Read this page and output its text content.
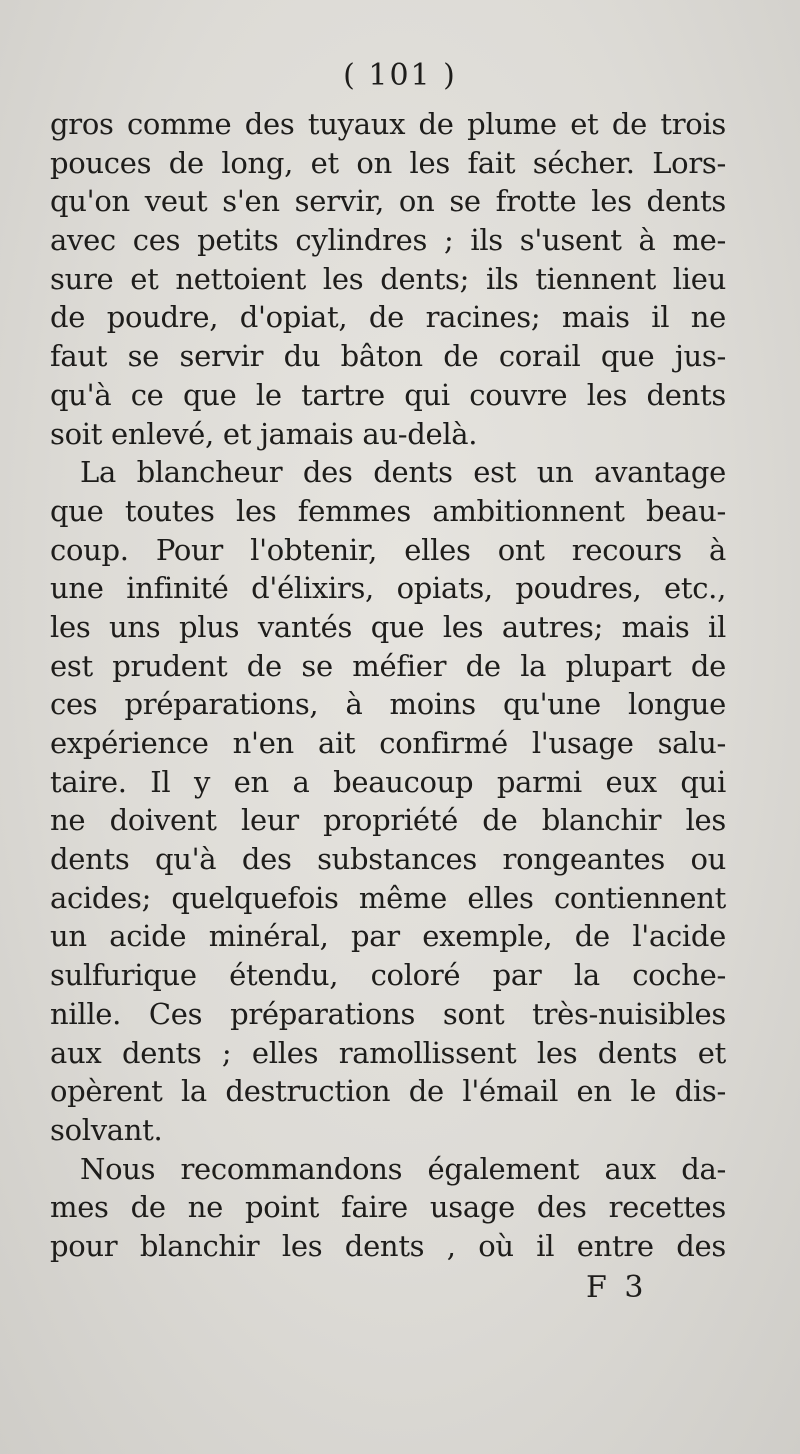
( 101 )
gros comme des tuyaux de plume et de trois
pouces de long, et on les fait sécher. Lors-
qu'on veut s'en servir, on se frotte les dents
avec ces petits cylindres ; ils s'usent à me-
sure et nettoient les dents; ils tiennent lieu
de poudre, d'opiat, de racines; mais il ne
faut se servir du bâton de corail que jus-
qu'à ce que le tartre qui couvre les dents
soit enlevé, et jamais au-delà.
La blancheur des dents est un avantage
que toutes les femmes ambitionnent beau-
coup. Pour l'obtenir, elles ont recours à
une infinité d'élixirs, opiats, poudres, etc.,
les uns plus vantés que les autres; mais il
est prudent de se méfier de la plupart de
ces préparations, à moins qu'une longue
expérience n'en ait confirmé l'usage salu-
taire. Il y en a beaucoup parmi eux qui
ne doivent leur propriété de blanchir les
dents qu'à des substances rongeantes ou
acides; quelquefois même elles contiennent
un acide minéral, par exemple, de l'acide
sulfurique étendu, coloré par la coche-
nille. Ces préparations sont très-nuisibles
aux dents ; elles ramollissent les dents et
opèrent la destruction de l'émail en le dis-
solvant.
Nous recommandons également aux da-
mes de ne point faire usage des recettes
pour blanchir les dents , où il entre des
F 3
